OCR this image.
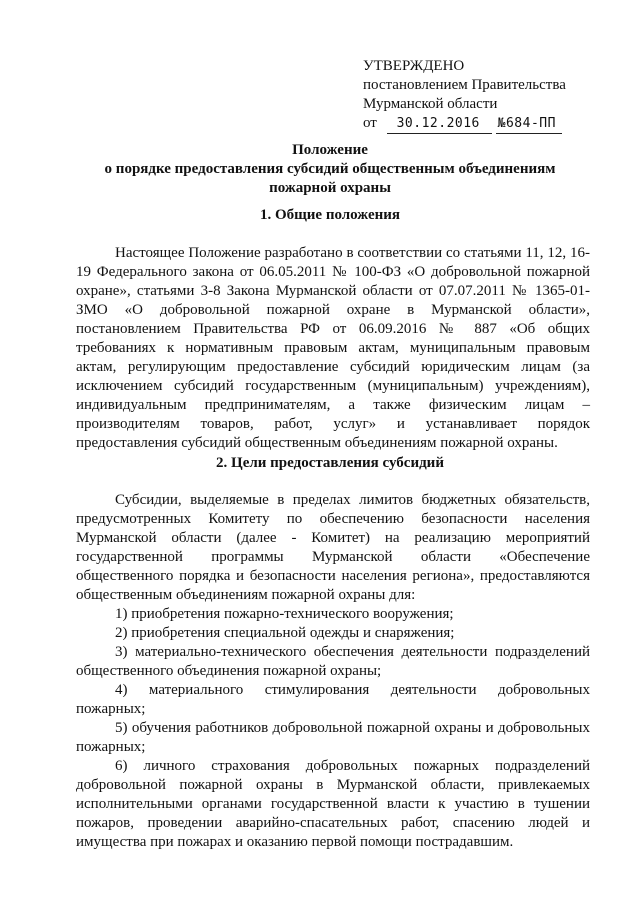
УТВЕРЖДЕНО
постановлением Правительства
Мурманской области
от 30.12.2016 №684-ПП
Положение
о порядке предоставления субсидий общественным объединениям
пожарной охраны
1. Общие положения

Настоящее Положение разработано в соответствии со статьями 11, 12, 16-19 Федерального закона от 06.05.2011 № 100-ФЗ «О добровольной пожарной охране», статьями 3-8 Закона Мурманской области от 07.07.2011 № 1365-01-ЗМО «О добровольной пожарной охране в Мурманской области», постановлением Правительства РФ от 06.09.2016 № 887 «Об общих требованиях к нормативным правовым актам, муниципальным правовым актам, регулирующим предоставление субсидий юридическим лицам (за исключением субсидий государственным (муниципальным) учреждениям), индивидуальным предпринимателям, а также физическим лицам – производителям товаров, работ, услуг» и устанавливает порядок предоставления субсидий общественным объединениям пожарной охраны.

2. Цели предоставления субсидий
Субсидии, выделяемые в пределах лимитов бюджетных обязательств, предусмотренных Комитету по обеспечению безопасности населения Мурманской области (далее - Комитет) на реализацию мероприятий государственной программы Мурманской области «Обеспечение общественного порядка и безопасности населения региона», предоставляются общественным объединениям пожарной охраны для:
1) приобретения пожарно-технического вооружения;
2) приобретения специальной одежды и снаряжения;
3) материально-технического обеспечения деятельности подразделений общественного объединения пожарной охраны;
4) материального стимулирования деятельности добровольных пожарных;
5) обучения работников добровольной пожарной охраны и добровольных пожарных;
6) личного страхования добровольных пожарных подразделений добровольной пожарной охраны в Мурманской области, привлекаемых исполнительными органами государственной власти к участию в тушении пожаров, проведении аварийно-спасательных работ, спасению людей и имущества при пожарах и оказанию первой помощи пострадавшим.
